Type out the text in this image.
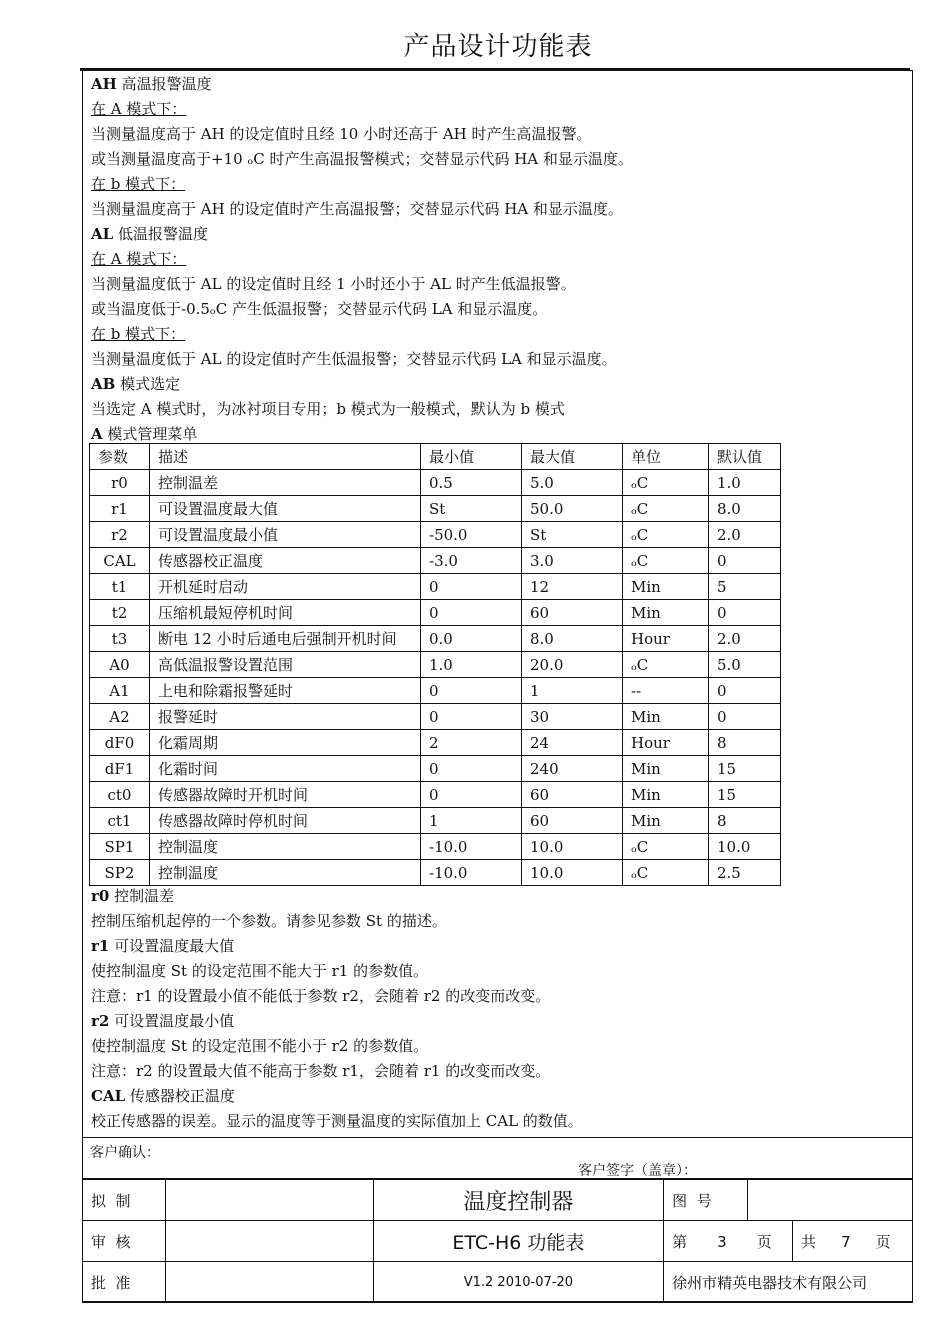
产品设计功能表
AH 高温报警温度
在 A 模式下：
当测量温度高于 AH 的设定值时且经 10 小时还高于 AH 时产生高温报警。
或当测量温度高于+10 ₒC 时产生高温报警模式；交替显示代码 HA 和显示温度。
在 b 模式下：
当测量温度高于 AH 的设定值时产生高温报警；交替显示代码 HA 和显示温度。
AL 低温报警温度
在 A 模式下：
当测量温度低于 AL 的设定值时且经 1 小时还小于 AL 时产生低温报警。
或当温度低于-0.5ₒC 产生低温报警；交替显示代码 LA 和显示温度。
在 b 模式下：
当测量温度低于 AL 的设定值时产生低温报警；交替显示代码 LA 和显示温度。
AB 模式选定
当选定 A 模式时，为冰衬项目专用；b 模式为一般模式，默认为 b 模式
A 模式管理菜单
参数	描述	最小值	最大值	单位	默认值
r0	控制温差	0.5	5.0	ₒC	1.0
r1	可设置温度最大值	St	50.0	ₒC	8.0
r2	可设置温度最小值	-50.0	St	ₒC	2.0
CAL	传感器校正温度	-3.0	3.0	ₒC	0
t1	开机延时启动	0	12	Min	5
t2	压缩机最短停机时间	0	60	Min	0
t3	断电 12 小时后通电后强制开机时间	0.0	8.0	Hour	2.0
A0	高低温报警设置范围	1.0	20.0	ₒC	5.0
A1	上电和除霜报警延时	0	1	--	0
A2	报警延时	0	30	Min	0
dF0	化霜周期	2	24	Hour	8
dF1	化霜时间	0	240	Min	15
ct0	传感器故障时开机时间	0	60	Min	15
ct1	传感器故障时停机时间	1	60	Min	8
SP1	控制温度	-10.0	10.0	ₒC	10.0
SP2	控制温度	-10.0	10.0	ₒC	2.5
r0 控制温差
控制压缩机起停的一个参数。请参见参数 St 的描述。
r1 可设置温度最大值
使控制温度 St 的设定范围不能大于 r1 的参数值。
注意：r1 的设置最小值不能低于参数 r2，会随着 r2 的改变而改变。
r2 可设置温度最小值
使控制温度 St 的设定范围不能小于 r2 的参数值。
注意：r2 的设置最大值不能高于参数 r1，会随着 r1 的改变而改变。
CAL 传感器校正温度
校正传感器的误差。显示的温度等于测量温度的实际值加上 CAL 的数值。
客户确认：
客户签字（盖章）：
拟  制		温度控制器	图  号		
审  核		ETC-H6 功能表	第 3 页		共 7 页
批  准		V1.2 2010-07-20	徐州市精英电器技术有限公司		
